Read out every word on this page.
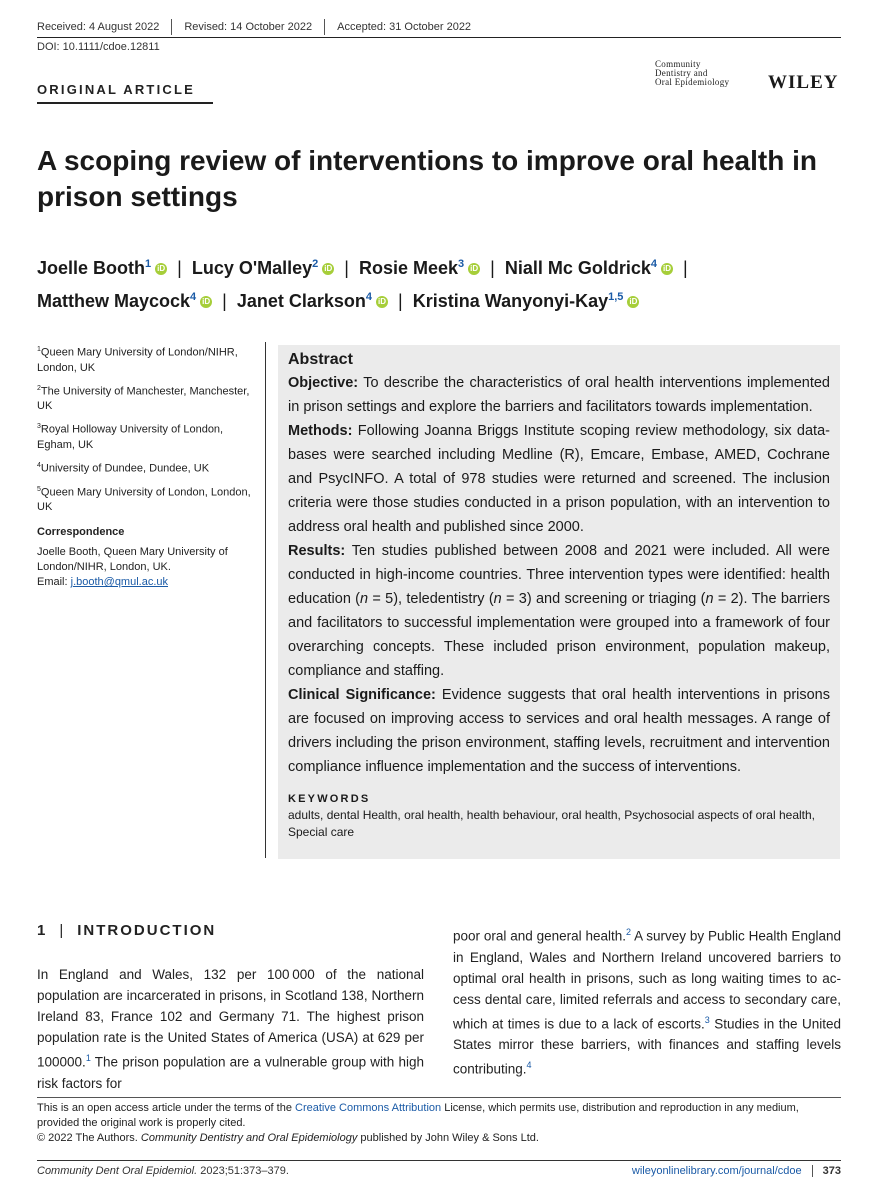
Received: 4 August 2022	Revised: 14 October 2022	Accepted: 31 October 2022
DOI: 10.1111/cdoe.12811
ORIGINAL ARTICLE
Community
Dentistry and
Oral Epidemiology	WILEY
A scoping review of interventions to improve oral health in prison settings
Joelle Booth$^1$ iD | Lucy O'Malley$^2$ iD | Rosie Meek$^3$ iD | Niall Mc Goldrick$^4$ iD |
Matthew Maycock$^4$ iD | Janet Clarkson$^4$ iD | Kristina Wanyonyi-Kay$^{1,5}$ iD

$^1$Queen Mary University of London/NIHR, London, UK

$^2$The University of Manchester, Manchester, UK

$^3$Royal Holloway University of London, Egham, UK

$^4$University of Dundee, Dundee, UK

$^5$Queen Mary University of London, London, UK

Correspondence

Joelle Booth, Queen Mary University of London/NIHR, London, UK.
Email: j.booth@qmul.ac.uk

Abstract

Objective: To describe the characteristics of oral health interventions implemented in prison settings and explore the barriers and facilitators towards implementation.

Methods: Following Joanna Briggs Institute scoping review methodology, six databases were searched including Medline (R), Emcare, Embase, AMED, Cochrane and PsycINFO. A total of 978 studies were returned and screened. The inclusion criteria were those studies conducted in a prison population, with an intervention to address oral health and published since 2000.

Results: Ten studies published between 2008 and 2021 were included. All were conducted in high-income countries. Three intervention types were identified: health education (n = 5), teledentistry (n = 3) and screening or triaging (n = 2). The barriers and facilitators to successful implementation were grouped into a framework of four overarching concepts. These included prison environment, population makeup, compliance and staffing.

Clinical Significance: Evidence suggests that oral health interventions in prisons are focused on improving access to services and oral health messages. A range of drivers including the prison environment, staffing levels, recruitment and intervention compliance influence implementation and the success of interventions.

KEYWORDS
adults, dental Health, oral health, health behaviour, oral health, Psychosocial aspects of oral health, Special care
1 | INTRODUCTION
In England and Wales, 132 per 100 000 of the national population are incarcerated in prisons, in Scotland 138, Northern Ireland 83, France 102 and Germany 71. The highest prison population rate is the United States of America (USA) at 629 per 100000.$^1$ The prison population are a vulnerable group with high risk factors for
poor oral and general health.$^2$ A survey by Public Health England in England, Wales and Northern Ireland uncovered barriers to optimal oral health in prisons, such as long waiting times to access dental care, limited referrals and access to secondary care, which at times is due to a lack of escorts.$^3$ Studies in the United States mirror these barriers, with finances and staffing levels contributing.$^4$
This is an open access article under the terms of the Creative Commons Attribution License, which permits use, distribution and reproduction in any medium, provided the original work is properly cited.
© 2022 The Authors. Community Dentistry and Oral Epidemiology published by John Wiley & Sons Ltd.
Community Dent Oral Epidemiol. 2023;51:373–379.	wileyonlinelibrary.com/journal/cdoe 373
